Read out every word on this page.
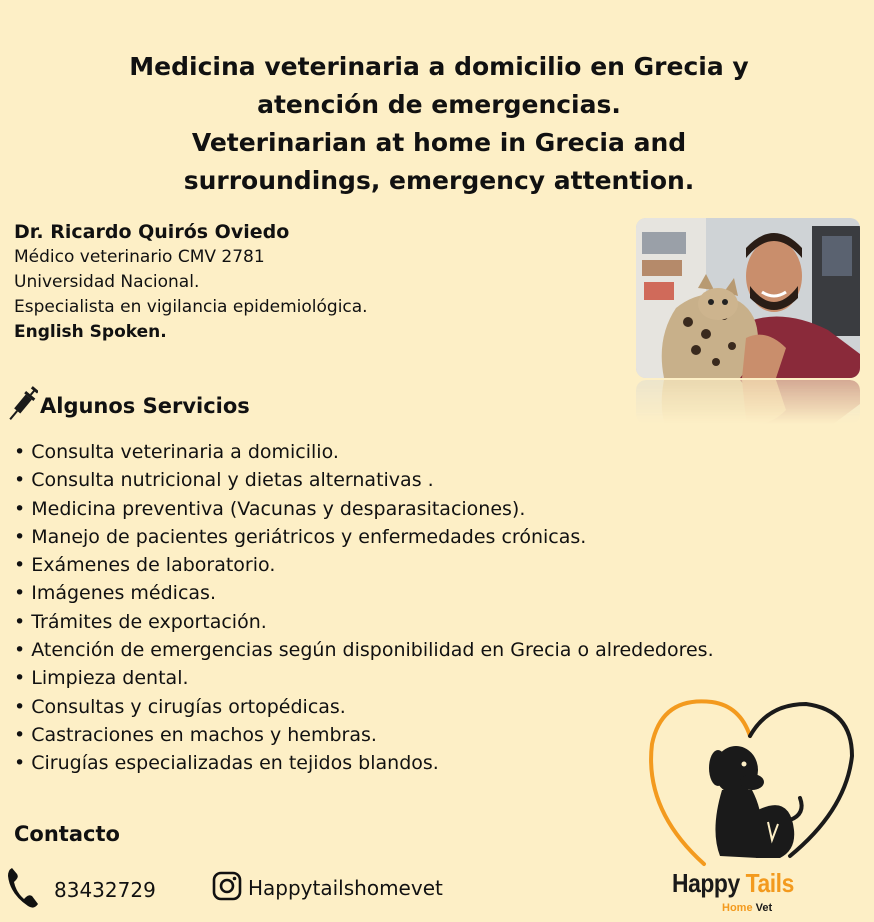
Medicina veterinaria a domicilio en Grecia y
atención de emergencias.
Veterinarian at home in Grecia and
surroundings, emergency attention.
Dr. Ricardo Quirós Oviedo
Médico veterinario CMV 2781
Universidad Nacional.
Especialista en vigilancia epidemiológica.
English Spoken.
Algunos Servicios
• Consulta veterinaria a domicilio.
• Consulta nutricional y dietas alternativas .
• Medicina preventiva (Vacunas y desparasitaciones).
• Manejo de pacientes geriátricos y enfermedades crónicas.
• Exámenes de laboratorio.
• Imágenes médicas.
• Trámites de exportación.
• Atención de emergencias según disponibilidad en Grecia o alrededores.
• Limpieza dental.
• Consultas y cirugías ortopédicas.
• Castraciones en machos y hembras.
• Cirugías especializadas en tejidos blandos.
Contacto
83432729	Happytailshomevet	Happy Tails
Home Vet
